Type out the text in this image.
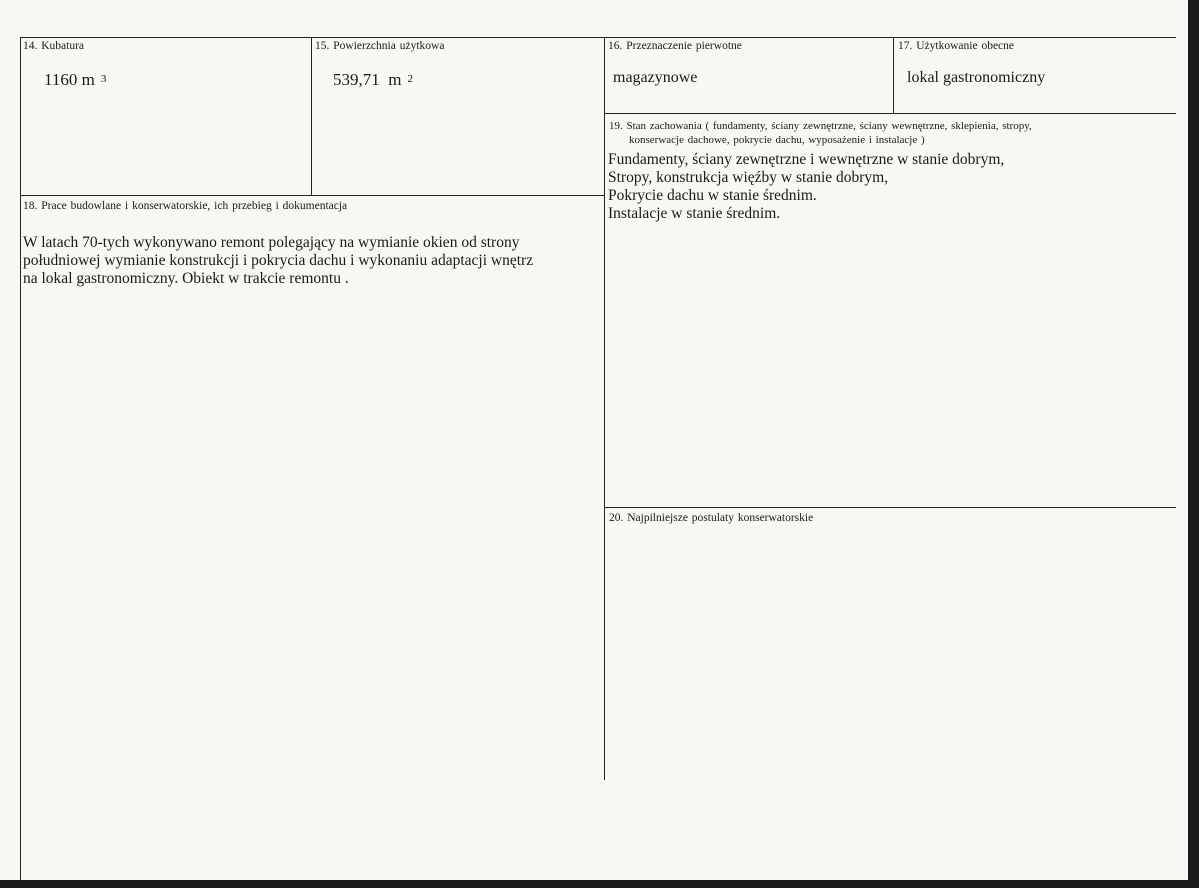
14. Kubatura
1160 m $^3$
15. Powierzchnia użytkowa
539,71  m $^2$
16. Przeznaczenie pierwotne
magazynowe
17. Użytkowanie obecne
lokal gastronomiczny
19. Stan zachowania ( fundamenty, ściany zewnętrzne, ściany wewnętrzne, sklepienia, stropy,
konserwacje dachowe, pokrycie dachu, wyposażenie i instalacje )
Fundamenty, ściany zewnętrzne i wewnętrzne w stanie dobrym,
Stropy, konstrukcja więźby w stanie dobrym,
Pokrycie dachu w stanie średnim.
Instalacje w stanie średnim.
18. Prace budowlane i konserwatorskie, ich przebieg i dokumentacja
W latach 70-tych wykonywano remont polegający na wymianie okien od strony
południowej wymianie konstrukcji i pokrycia dachu i wykonaniu adaptacji wnętrz
na lokal gastronomiczny. Obiekt w trakcie remontu .
20. Najpilniejsze postulaty konserwatorskie
